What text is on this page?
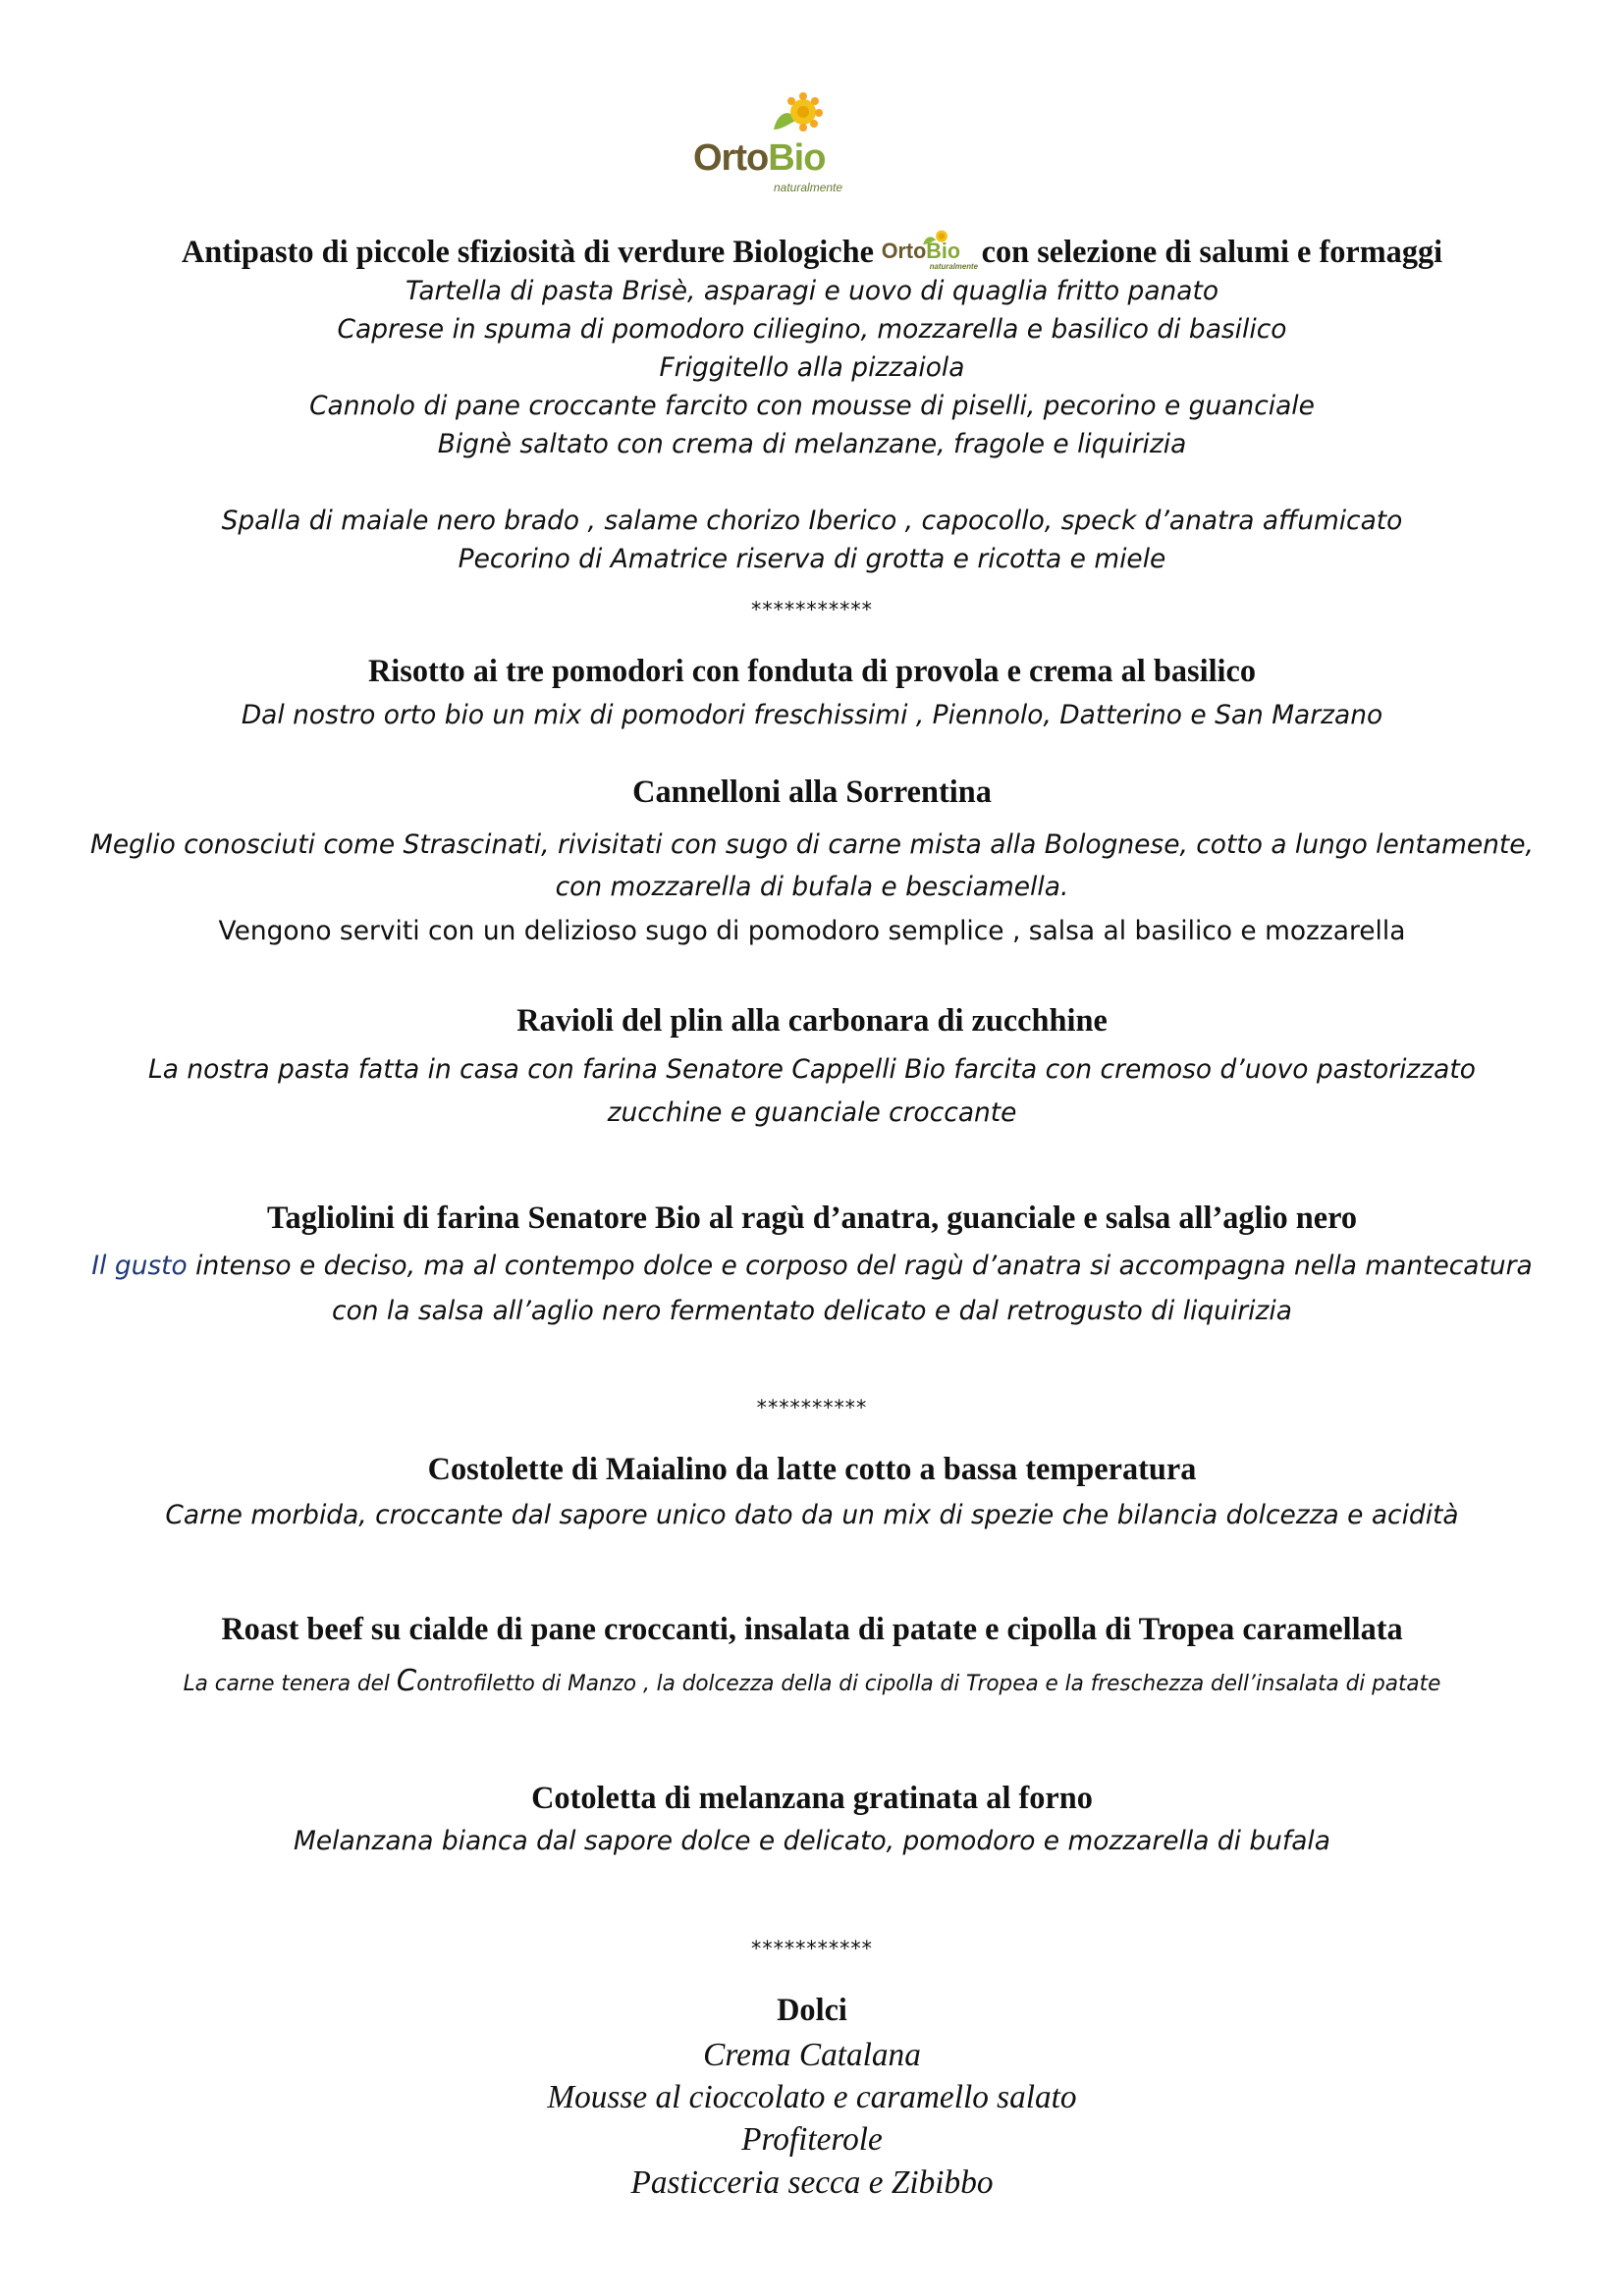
OrtoBio
naturalmente
Antipasto di piccole sfiziosità di verdure Biologiche OrtoBio
naturalmente con selezione di salumi e formaggi
Tartella di pasta Brisè, asparagi e uovo di quaglia fritto panato
Caprese in spuma di pomodoro ciliegino, mozzarella e basilico di basilico
Friggitello alla pizzaiola
Cannolo di pane croccante farcito con mousse di piselli, pecorino e guanciale
Bignè saltato con crema di melanzane, fragole e liquirizia
Spalla di maiale nero brado , salame chorizo Iberico , capocollo, speck d’anatra affumicato
Pecorino di Amatrice riserva di grotta e ricotta e miele
***********
Risotto ai tre pomodori con fonduta di provola e crema al basilico
Dal nostro orto bio un mix di pomodori freschissimi , Piennolo, Datterino e San Marzano
Cannelloni alla Sorrentina
Meglio conosciuti come Strascinati, rivisitati con sugo di carne mista alla Bolognese, cotto a lungo lentamente,
con mozzarella di bufala e besciamella.
Vengono serviti con un delizioso sugo di pomodoro semplice , salsa al basilico e mozzarella
Ravioli del plin alla carbonara di zucchhine
La nostra pasta fatta in casa con farina Senatore Cappelli Bio farcita con cremoso d’uovo pastorizzato
zucchine e guanciale croccante
Tagliolini di farina Senatore Bio al ragù d’anatra, guanciale e salsa all’aglio nero
Il gusto intenso e deciso, ma al contempo dolce e corposo del ragù d’anatra si accompagna nella mantecatura
con la salsa all’aglio nero fermentato delicato e dal retrogusto di liquirizia
**********
Costolette di Maialino da latte cotto a bassa temperatura
Carne morbida, croccante dal sapore unico dato da un mix di spezie che bilancia dolcezza e acidità
Roast beef su cialde di pane croccanti, insalata di patate e cipolla di Tropea caramellata
La carne tenera del Controfiletto di Manzo , la dolcezza della di cipolla di Tropea e la freschezza dell’insalata di patate
Cotoletta di melanzana gratinata al forno
Melanzana bianca dal sapore dolce e delicato, pomodoro e mozzarella di bufala
***********
Dolci
Crema Catalana
Mousse al cioccolato e caramello salato
Profiterole
Pasticceria secca e Zibibbo
